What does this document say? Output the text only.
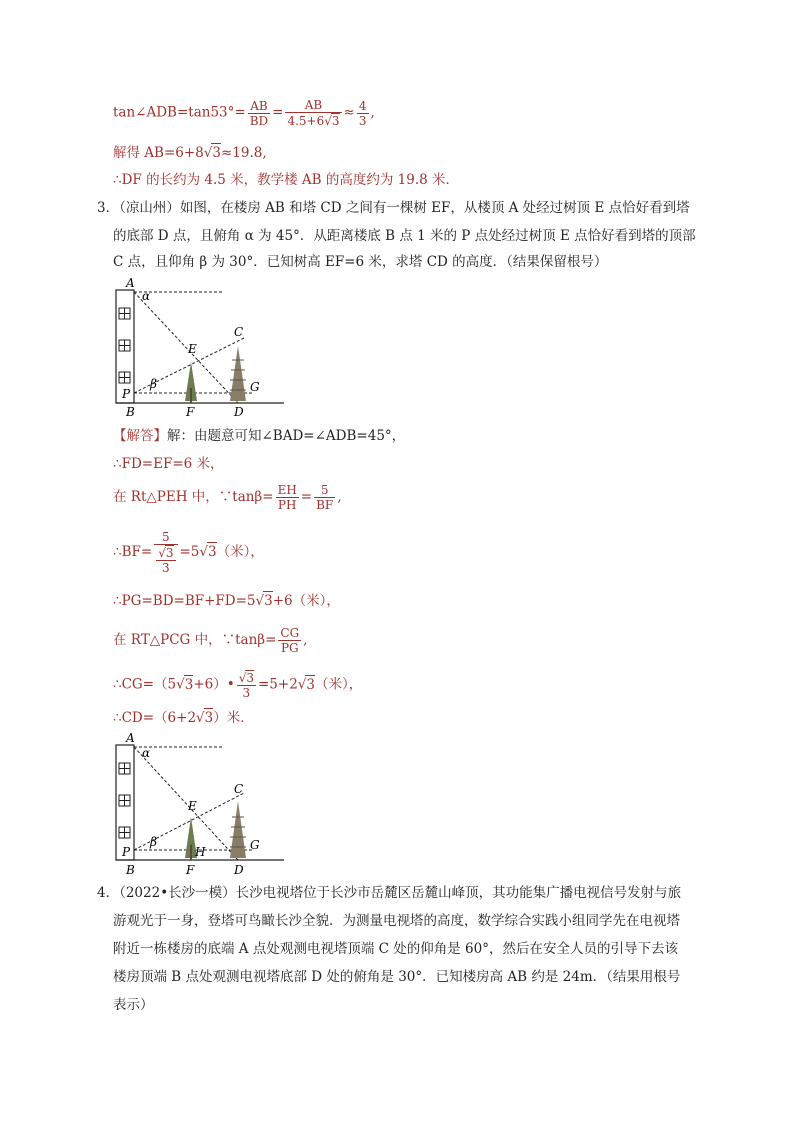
tan∠ADB=tan53°= $\frac{AB}{BD} = \frac{AB}{4.5+6√3} \approx \frac{4}{3}$ ,
解得 AB=6+8√3≈19.8,
∴DF 的长约为 4.5 米，教学楼 AB 的高度约为 19.8 米．
3．（凉山州）如图，在楼房 AB 和塔 CD 之间有一棵树 EF，从楼顶 A 处经过树顶 E 点恰好看到塔
的底部 D 点，且俯角 α 为 45°．从距离楼底 B 点 1 米的 P 点处经过树顶 E 点恰好看到塔的顶部
C 点，且仰角 β 为 30°．已知树高 EF=6 米，求塔 CD 的高度．（结果保留根号）
A
α
C
E
G
P
β
B	F	D
【解答】解：由题意可知∠BAD=∠ADB=45°，
∴FD=EF=6 米，
在 Rt△PEH 中，∵tanβ= $\frac{EH}{PH} = \frac{5}{BF}$ ,
∴BF= $\frac{5}{\frac{√3}{3}} =5√3$（米），
∴PG=BD=BF+FD=5√3+6（米），
在 RT△PCG 中，∵tanβ= $\frac{CG}{PG}$ ,
∴CG=（5√3+6）• $\frac{√3}{3} =5+2√3$（米），
∴CD=（6+2√3）米．
A
α
C
E
G
P
β
H
B	F	D
4．（2022•长沙一模）长沙电视塔位于长沙市岳麓区岳麓山峰顶，其功能集广播电视信号发射与旅
游观光于一身，登塔可鸟瞰长沙全貌．为测量电视塔的高度，数学综合实践小组同学先在电视塔
附近一栋楼房的底端 A 点处观测电视塔顶端 C 处的仰角是 60°，然后在安全人员的引导下去该
楼房顶端 B 点处观测电视塔底部 D 处的俯角是 30°．已知楼房高 AB 约是 24m．（结果用根号
表示）
